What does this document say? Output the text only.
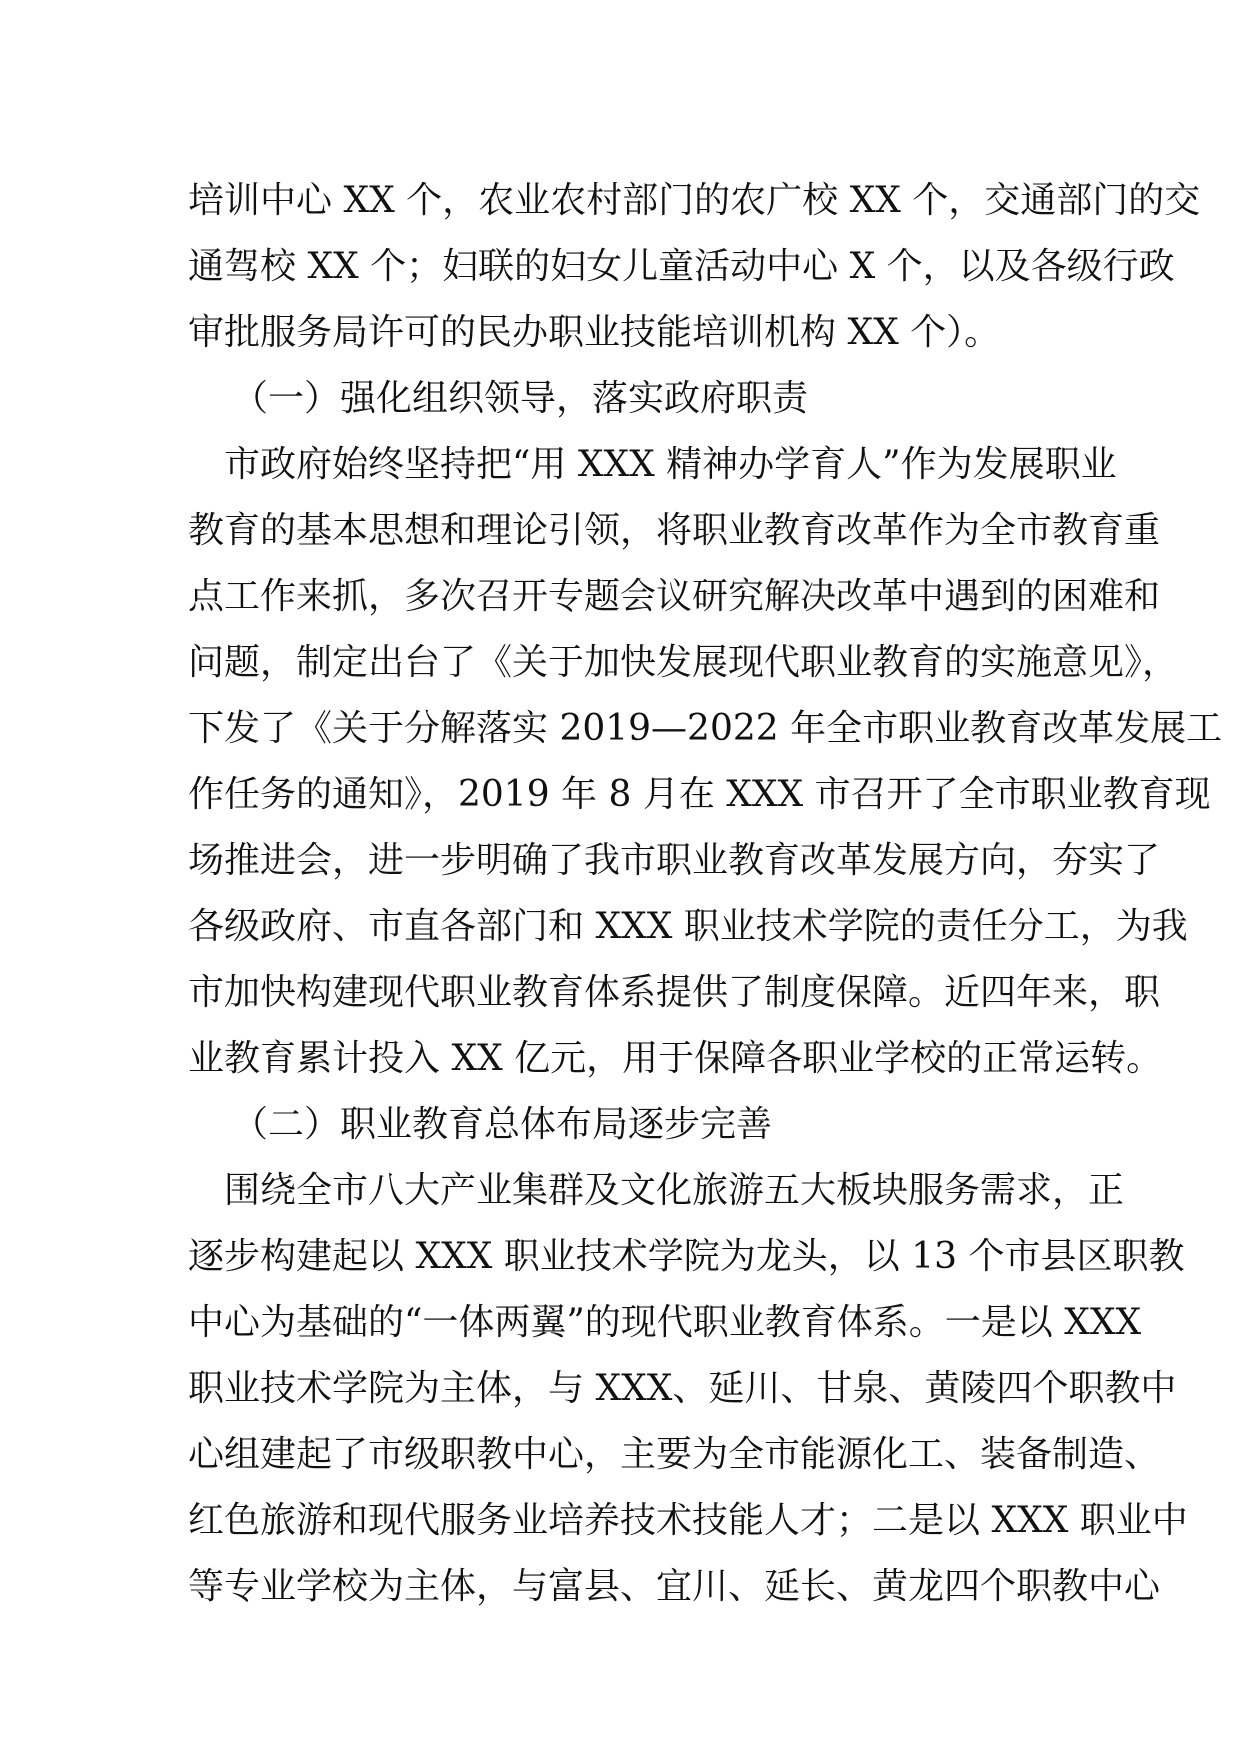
培训中心 XX 个，农业农村部门的农广校 XX 个，交通部门的交
通驾校 XX 个；妇联的妇女儿童活动中心 X 个，以及各级行政
审批服务局许可的民办职业技能培训机构 XX 个）。
（一）强化组织领导，落实政府职责
市政府始终坚持把“用 XXX 精神办学育人”作为发展职业
教育的基本思想和理论引领，将职业教育改革作为全市教育重
点工作来抓，多次召开专题会议研究解决改革中遇到的困难和
问题，制定出台了《关于加快发展现代职业教育的实施意见》，
下发了《关于分解落实 2019—2022 年全市职业教育改革发展工
作任务的通知》，2019 年 8 月在 XXX 市召开了全市职业教育现
场推进会，进一步明确了我市职业教育改革发展方向，夯实了
各级政府、市直各部门和 XXX 职业技术学院的责任分工，为我
市加快构建现代职业教育体系提供了制度保障。近四年来，职
业教育累计投入 XX 亿元，用于保障各职业学校的正常运转。
（二）职业教育总体布局逐步完善
围绕全市八大产业集群及文化旅游五大板块服务需求，正
逐步构建起以 XXX 职业技术学院为龙头，以 13 个市县区职教
中心为基础的“一体两翼”的现代职业教育体系。一是以 XXX
职业技术学院为主体，与 XXX、延川、甘泉、黄陵四个职教中
心组建起了市级职教中心，主要为全市能源化工、装备制造、
红色旅游和现代服务业培养技术技能人才；二是以 XXX 职业中
等专业学校为主体，与富县、宜川、延长、黄龙四个职教中心
